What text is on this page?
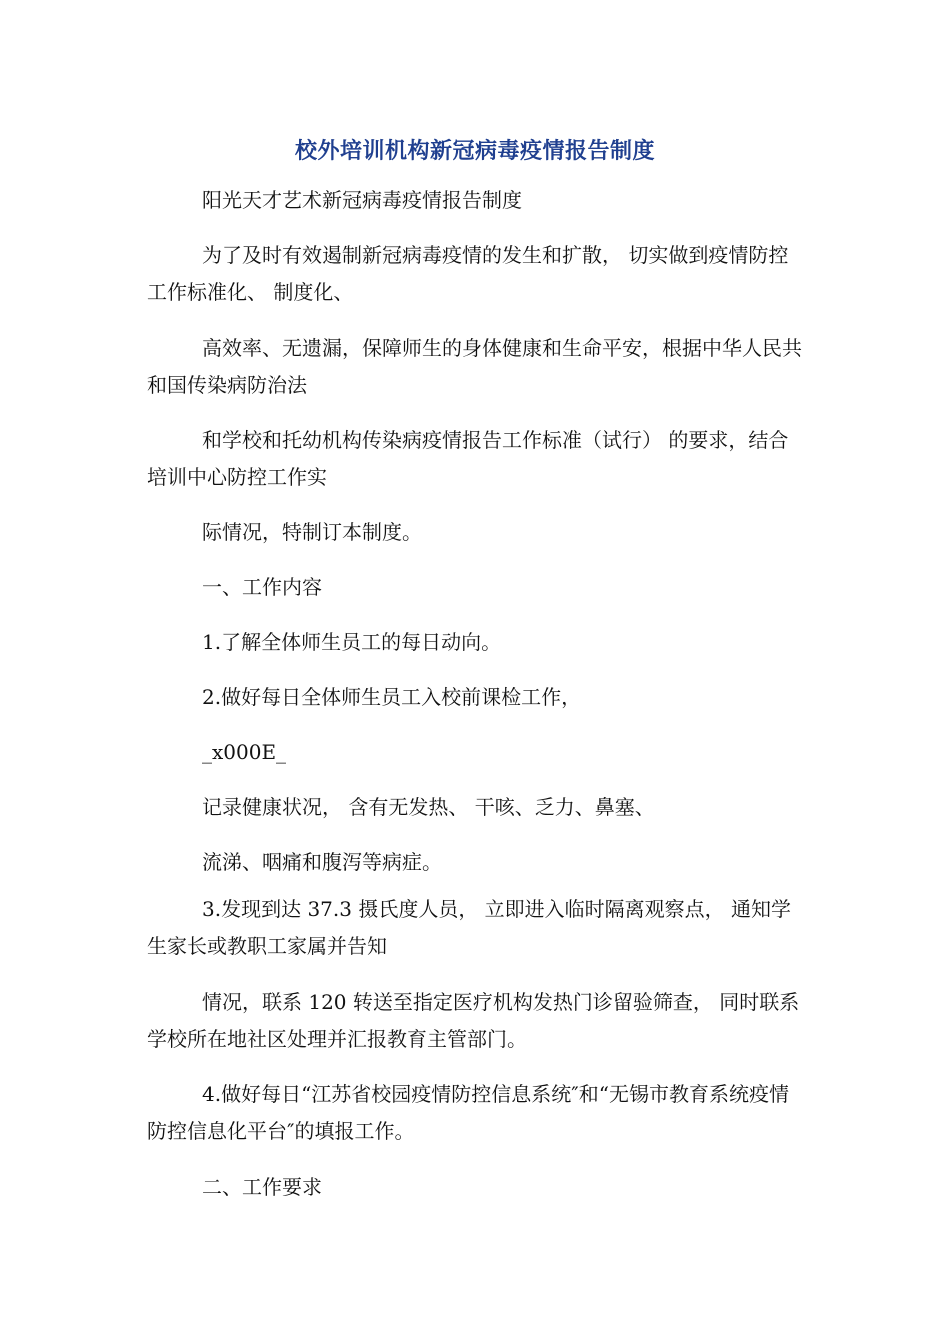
校外培训机构新冠病毒疫情报告制度

阳光天才艺术新冠病毒疫情报告制度

为了及时有效遏制新冠病毒疫情的发生和扩散， 切实做到疫情防控工作标准化、 制度化、

高效率、无遗漏，保障师生的身体健康和生命平安，根据中华人民共和国传染病防治法

和学校和托幼机构传染病疫情报告工作标准（试行） 的要求，结合培训中心防控工作实

际情况，特制订本制度。

一、工作内容

1.了解全体师生员工的每日动向。

2.做好每日全体师生员工入校前课检工作，

_x000E_

记录健康状况， 含有无发热、 干咳、乏力、鼻塞、

流涕、咽痛和腹泻等病症。

3.发现到达 37.3 摄氏度人员， 立即进入临时隔离观察点， 通知学生家长或教职工家属并告知

情况，联系 120 转送至指定医疗机构发热门诊留验筛查， 同时联系学校所在地社区处理并汇报教育主管部门。

4.做好每日“江苏省校园疫情防控信息系统″和“无锡市教育系统疫情防控信息化平台″的填报工作。

二、工作要求
